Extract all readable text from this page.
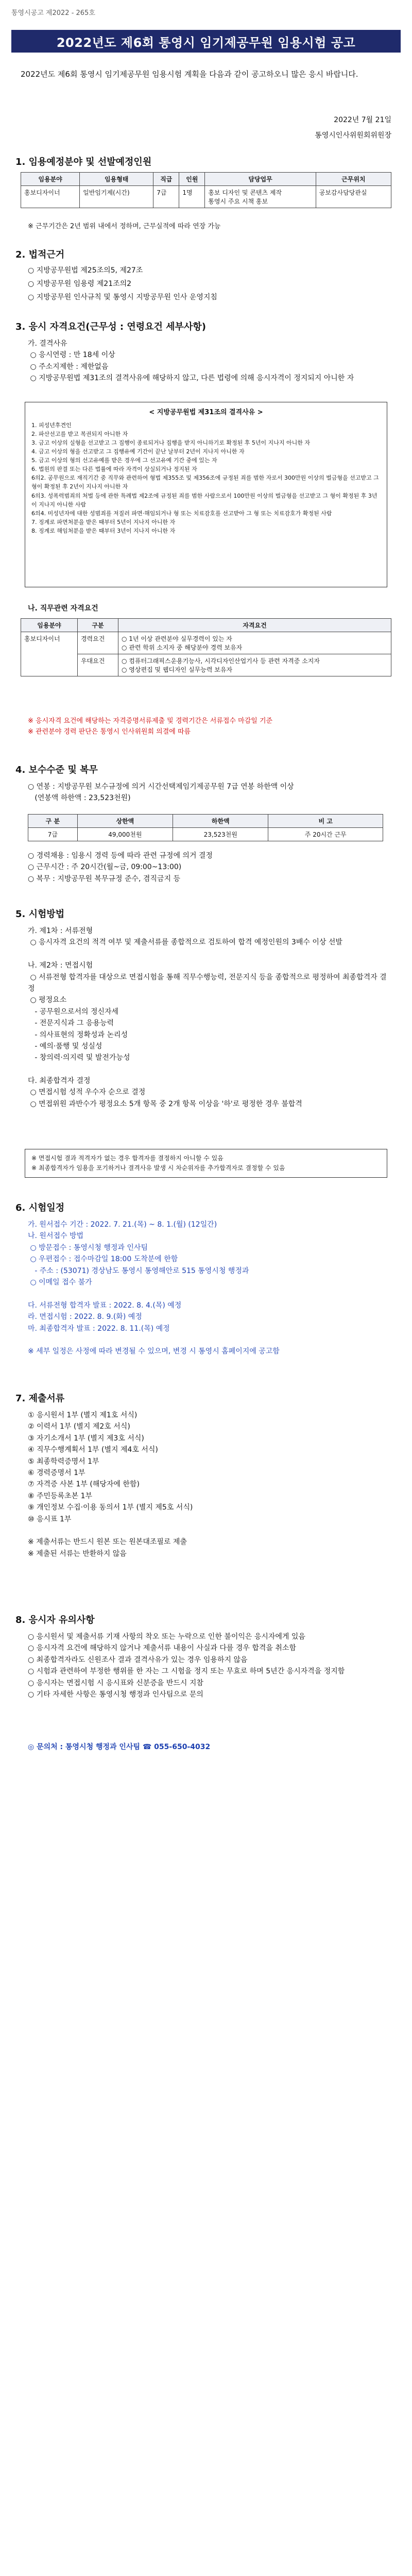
통영시공고 제2022 - 265호
2022년도 제6회 통영시 임기제공무원 임용시험 공고
2022년도 제6회 통영시 임기제공무원 임용시험 계획을 다음과 같이 공고하오니 많은 응시 바랍니다.
2022년 7월 21일
통영시인사위원회위원장
1. 임용예정분야 및 선발예정인원
임용분야	임용형태	직급	인원	담당업무	근무위치
홍보디자이너	일반임기제(시간)	7급	1명	홍보 디자인 및 콘텐츠 제작
통영시 주요 시책 홍보	공보감사담당관실
※ 근무기간은 2년 범위 내에서 정하며, 근무실적에 따라 연장 가능
2. 법적근거
○ 지방공무원법 제25조의5, 제27조
○ 지방공무원 임용령 제21조의2
○ 지방공무원 인사규칙 및 통영시 지방공무원 인사 운영지침
3. 응시 자격요건(근무성 : 연령요건 세부사항)
가. 결격사유
○ 응시연령 : 만 18세 이상
○ 주소지제한 : 제한없음
○ 지방공무원법 제31조의 결격사유에 해당하지 않고, 다른 법령에 의해 응시자격이 정지되지 아니한 자
< 지방공무원법 제31조의 결격사유 >
1. 피성년후견인
2. 파산선고를 받고 복권되지 아니한 자
3. 금고 이상의 실형을 선고받고 그 집행이 종료되거나 집행을 받지 아니하기로 확정된 후 5년이 지나지 아니한 자
4. 금고 이상의 형을 선고받고 그 집행유예 기간이 끝난 날부터 2년이 지나지 아니한 자
5. 금고 이상의 형의 선고유예를 받은 경우에 그 선고유예 기간 중에 있는 자
6. 법원의 판결 또는 다른 법률에 따라 자격이 상실되거나 정지된 자
6의2. 공무원으로 재직기간 중 직무와 관련하여 형법 제355조 및 제356조에 규정된 죄를 범한 자로서 300만원 이상의 벌금형을 선고받고 그 형이 확정된 후 2년이 지나지 아니한 자
6의3. 성폭력범죄의 처벌 등에 관한 특례법 제2조에 규정된 죄를 범한 사람으로서 100만원 이상의 벌금형을 선고받고 그 형이 확정된 후 3년이 지나지 아니한 사람
6의4. 미성년자에 대한 성범죄를 저질러 파면·해임되거나 형 또는 치료감호를 선고받아 그 형 또는 치료감호가 확정된 사람
7. 징계로 파면처분을 받은 때부터 5년이 지나지 아니한 자
8. 징계로 해임처분을 받은 때부터 3년이 지나지 아니한 자
나. 직무관련 자격요건
임용분야	구분	자격요건
홍보디자이너	경력요건	○ 1년 이상 관련분야 실무경력이 있는 자
○ 관련 학위 소지자 중 해당분야 경력 보유자
	우대요건	○ 컴퓨터그래픽스운용기능사, 시각디자인산업기사 등 관련 자격증 소지자
○ 영상편집 및 웹디자인 실무능력 보유자
※ 응시자격 요건에 해당하는 자격증명서류제출 및 경력기간은 서류접수 마감일 기준
※ 관련분야 경력 판단은 통영시 인사위원회 의결에 따름
4. 보수수준 및 복무
○ 연봉 : 지방공무원 보수규정에 의거 시간선택제임기제공무원 7급 연봉 하한액 이상
(연봉액 하한액 : 23,523천원)
구 분	상한액	하한액	비 고
7급	49,000천원	23,523천원	주 20시간 근무
○ 경력채용 : 임용시 경력 등에 따라 관련 규정에 의거 결정
○ 근무시간 : 주 20시간(월~금, 09:00~13:00)
○ 복무 : 지방공무원 복무규정 준수, 겸직금지 등
5. 시험방법
가. 제1차 : 서류전형
○ 응시자격 요건의 적격 여부 및 제출서류를 종합적으로 검토하여 합격 예정인원의 3배수 이상 선발

나. 제2차 : 면접시험
○ 서류전형 합격자를 대상으로 면접시험을 통해 직무수행능력, 전문지식 등을 종합적으로 평정하여 최종합격자 결정
○ 평정요소
- 공무원으로서의 정신자세
- 전문지식과 그 응용능력
- 의사표현의 정확성과 논리성
- 예의·품행 및 성실성
- 창의력·의지력 및 발전가능성

다. 최종합격자 결정
○ 면접시험 성적 우수자 순으로 결정
○ 면접위원 과반수가 평정요소 5개 항목 중 2개 항목 이상을 '하'로 평정한 경우 불합격
※ 면접시험 결과 적격자가 없는 경우 합격자를 결정하지 아니할 수 있음
※ 최종합격자가 임용을 포기하거나 결격사유 발생 시 차순위자를 추가합격자로 결정할 수 있음
6. 시험일정
가. 원서접수 기간 : 2022. 7. 21.(목) ~ 8. 1.(월) (12일간)
나. 원서접수 방법
○ 방문접수 : 통영시청 행정과 인사팀
○ 우편접수 : 접수마감일 18:00 도착분에 한함
- 주소 : (53071) 경상남도 통영시 통영해안로 515 통영시청 행정과
○ 이메일 접수 불가

다. 서류전형 합격자 발표 : 2022. 8. 4.(목) 예정
라. 면접시험 : 2022. 8. 9.(화) 예정
마. 최종합격자 발표 : 2022. 8. 11.(목) 예정

※ 세부 일정은 사정에 따라 변경될 수 있으며, 변경 시 통영시 홈페이지에 공고함
7. 제출서류
① 응시원서 1부 (별지 제1호 서식)
② 이력서 1부 (별지 제2호 서식)
③ 자기소개서 1부 (별지 제3호 서식)
④ 직무수행계획서 1부 (별지 제4호 서식)
⑤ 최종학력증명서 1부
⑥ 경력증명서 1부
⑦ 자격증 사본 1부 (해당자에 한함)
⑧ 주민등록초본 1부
⑨ 개인정보 수집·이용 동의서 1부 (별지 제5호 서식)
⑩ 응시표 1부

※ 제출서류는 반드시 원본 또는 원본대조필로 제출
※ 제출된 서류는 반환하지 않음
8. 응시자 유의사항
○ 응시원서 및 제출서류 기재 사항의 착오 또는 누락으로 인한 불이익은 응시자에게 있음
○ 응시자격 요건에 해당하지 않거나 제출서류 내용이 사실과 다를 경우 합격을 취소함
○ 최종합격자라도 신원조사 결과 결격사유가 있는 경우 임용하지 않음
○ 시험과 관련하여 부정한 행위를 한 자는 그 시험을 정지 또는 무효로 하며 5년간 응시자격을 정지함
○ 응시자는 면접시험 시 응시표와 신분증을 반드시 지참
○ 기타 자세한 사항은 통영시청 행정과 인사팀으로 문의
◎ 문의처 : 통영시청 행정과 인사팀 ☎ 055-650-4032
